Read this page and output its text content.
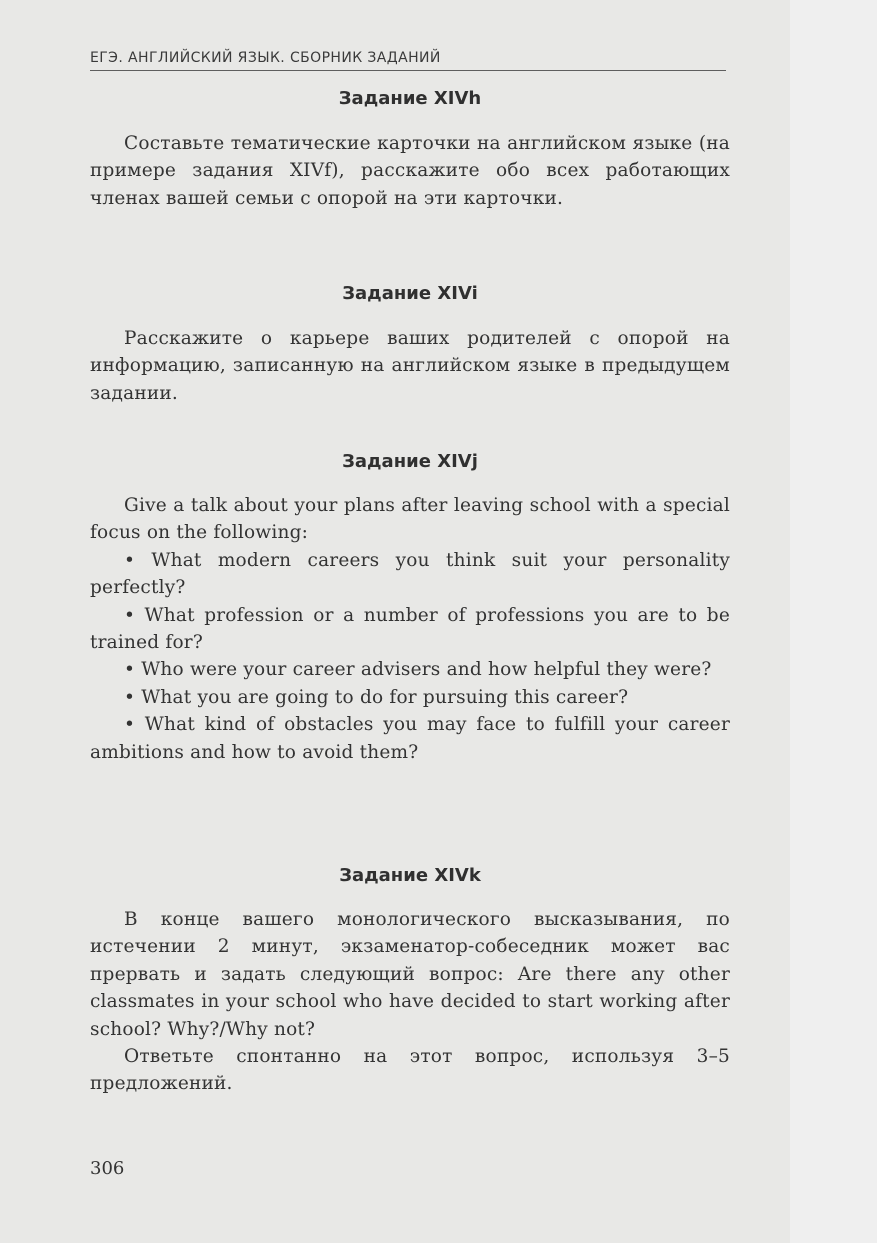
ЕГЭ. АНГЛИЙСКИЙ ЯЗЫК. СБОРНИК ЗАДАНИЙ
Задание XIVh

Составьте тематические карточки на английском языке (на примере задания XIVf), расскажите обо всех работающих членах вашей семьи с опорой на эти карточки.

Задание XIVi

Расскажите о карьере ваших родителей с опорой на информацию, записанную на английском языке в предыдущем задании.

Задание XIVj

Give a talk about your plans after leaving school with a special focus on the following:

• What modern careers you think suit your personality perfectly?

• What profession or a number of professions you are to be trained for?

• Who were your career advisers and how helpful they were?

• What you are going to do for pursuing this career?

• What kind of obstacles you may face to fulfill your career ambitions and how to avoid them?

Задание XIVk

В конце вашего монологического высказывания, по истечении 2 минут, экзаменатор-собеседник может вас прервать и задать следующий вопрос: Are there any other classmates in your school who have decided to start working after school? Why?/Why not?

Ответьте спонтанно на этот вопрос, используя 3–5 предложений.

306
